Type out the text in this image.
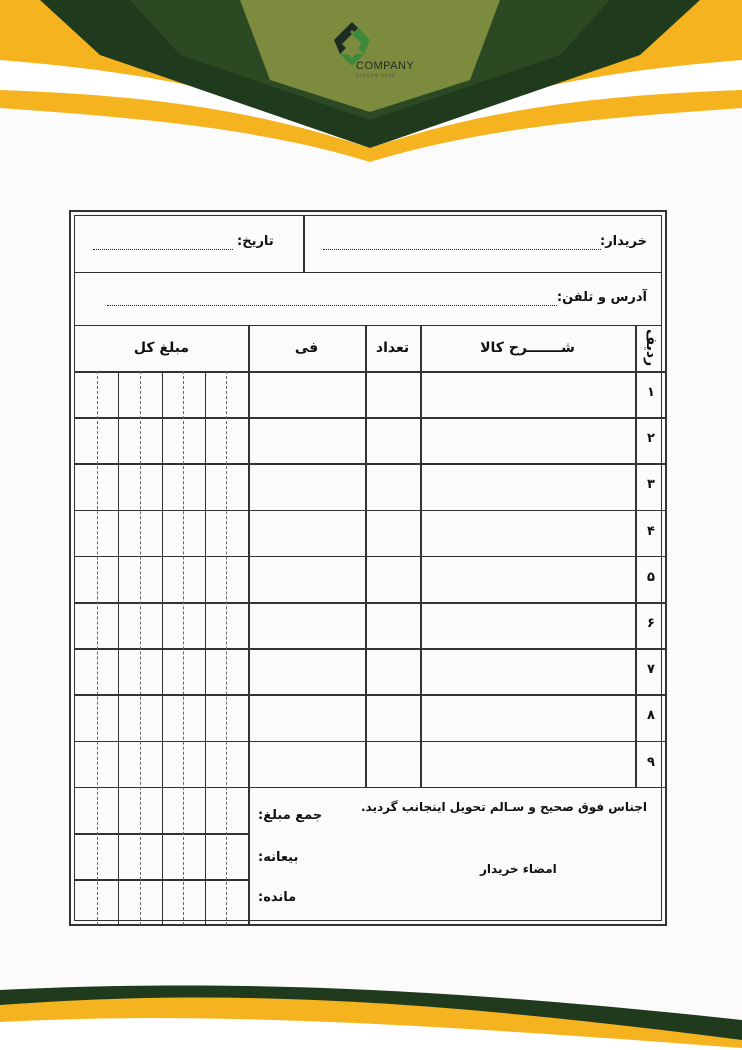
COMPANY
SLOGAN HERE
خریدار:
تاریخ:
آدرس و تلفن:
ردیف
شـــــــرح کالا
تعداد
فی
مبلغ کل
۱
۲
۳
۴
۵
۶
۷
۸
۹
اجناس فوق صحیح و سـالم تحویل اینجانب گردید.
امضاء خریدار
جمع مبلغ:
بیعانه:
مانده:
